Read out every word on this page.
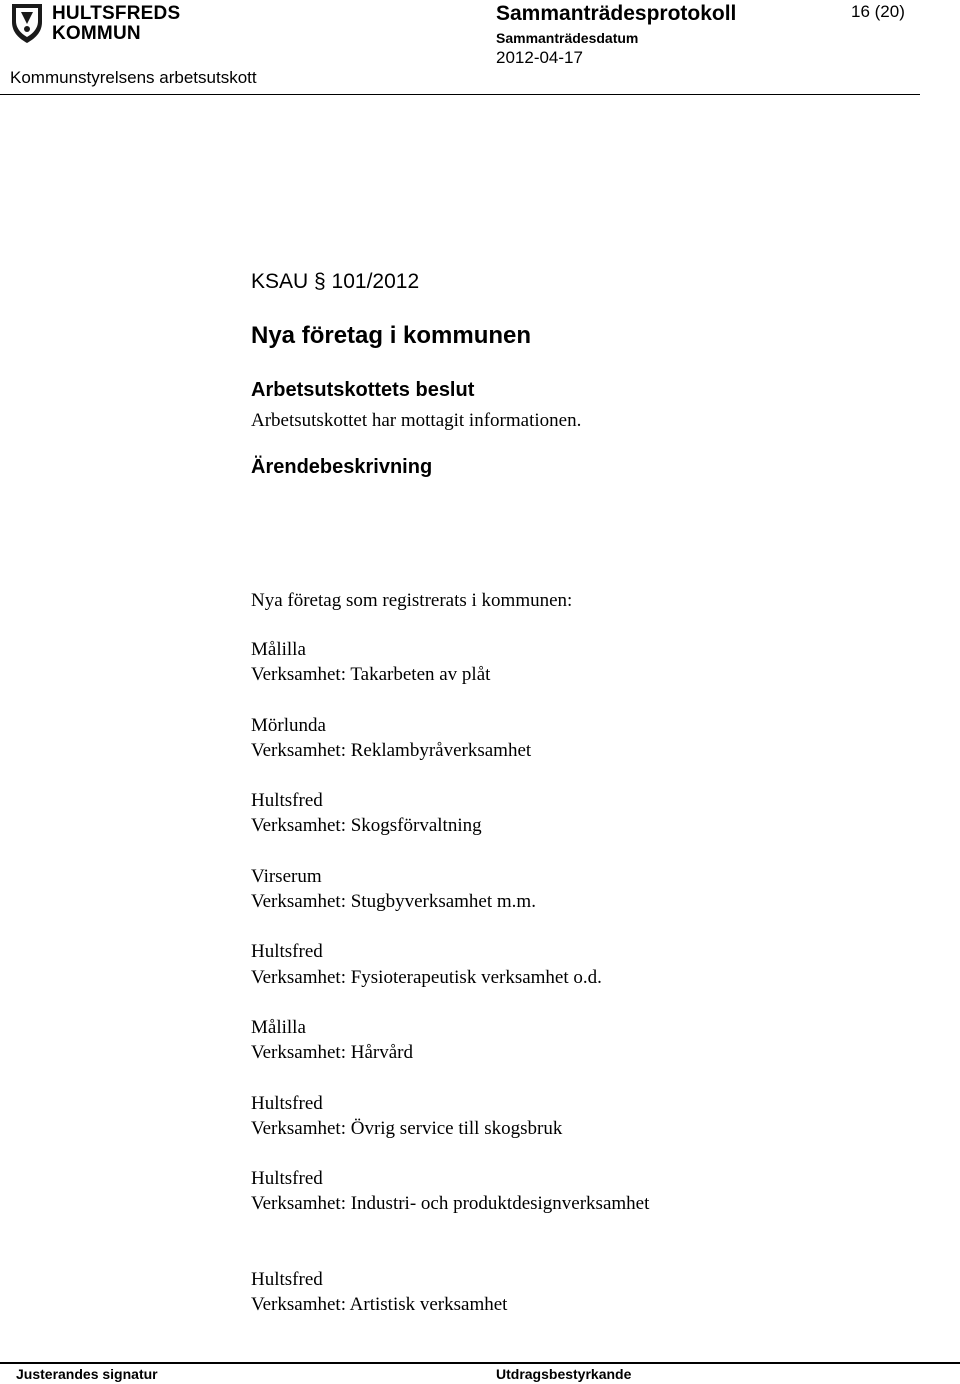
HULTSFREDS
KOMMUN
Sammanträdesprotokoll	16 (20)
Sammanträdesdatum
2012-04-17
Kommunstyrelsens arbetsutskott
KSAU § 101/2012
Nya företag i kommunen
Arbetsutskottets beslut
Arbetsutskottet har mottagit informationen.
Ärendebeskrivning
Nya företag som registrerats i kommunen:
Målilla
Verksamhet: Takarbeten av plåt
Mörlunda
Verksamhet: Reklambyråverksamhet
Hultsfred
Verksamhet: Skogsförvaltning
Virserum
Verksamhet: Stugbyverksamhet m.m.
Hultsfred
Verksamhet: Fysioterapeutisk verksamhet o.d.
Målilla
Verksamhet: Hårvård
Hultsfred
Verksamhet: Övrig service till skogsbruk
Hultsfred
Verksamhet: Industri- och produktdesignverksamhet
Hultsfred
Verksamhet: Artistisk verksamhet
Justerandes signatur	Utdragsbestyrkande
